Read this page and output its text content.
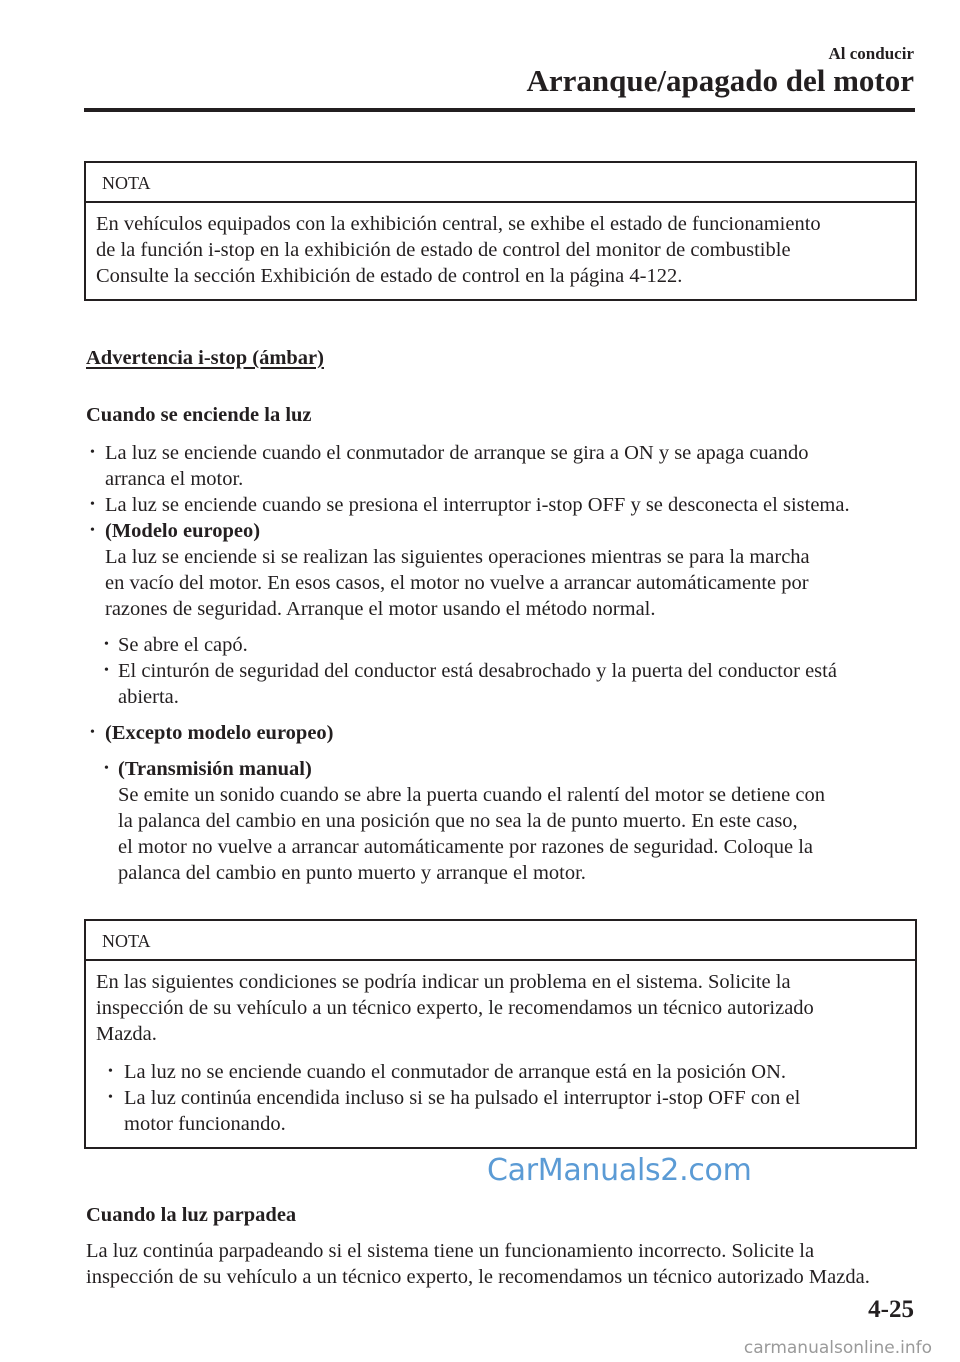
Al conducir
Arranque/apagado del motor
NOTA

En vehículos equipados con la exhibición central, se exhibe el estado de funcionamiento

de la función i-stop en la exhibición de estado de control del monitor de combustible

Consulte la sección Exhibición de estado de control en la página 4-122.

Advertencia i-stop (ámbar)
Cuando se enciende la luz
• La luz se enciende cuando el conmutador de arranque se gira a ON y se apaga cuando
arranca el motor.
• La luz se enciende cuando se presiona el interruptor i-stop OFF y se desconecta el sistema.
• (Modelo europeo)
La luz se enciende si se realizan las siguientes operaciones mientras se para la marcha
en vacío del motor. En esos casos, el motor no vuelve a arrancar automáticamente por
razones de seguridad. Arranque el motor usando el método normal.
• Se abre el capó.
• El cinturón de seguridad del conductor está desabrochado y la puerta del conductor está
abierta.
• (Excepto modelo europeo)
• (Transmisión manual)
Se emite un sonido cuando se abre la puerta cuando el ralentí del motor se detiene con
la palanca del cambio en una posición que no sea la de punto muerto. En este caso,
el motor no vuelve a arrancar automáticamente por razones de seguridad. Coloque la
palanca del cambio en punto muerto y arranque el motor.
NOTA

En las siguientes condiciones se podría indicar un problema en el sistema. Solicite la

inspección de su vehículo a un técnico experto, le recomendamos un técnico autorizado

Mazda.

• La luz no se enciende cuando el conmutador de arranque está en la posición ON.
• La luz continúa encendida incluso si se ha pulsado el interruptor i-stop OFF con el
motor funcionando.
CarManuals2.com
Cuando la luz parpadea
La luz continúa parpadeando si el sistema tiene un funcionamiento incorrecto. Solicite la
inspección de su vehículo a un técnico experto, le recomendamos un técnico autorizado Mazda.
4-25
carmanualsonline.info
